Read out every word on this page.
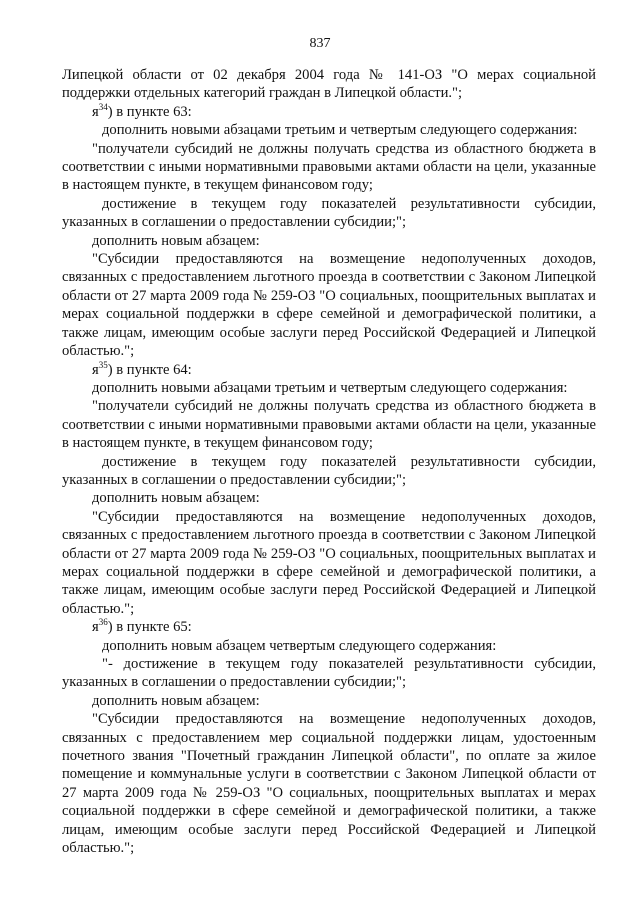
837

Липецкой области от 02 декабря 2004 года № 141-ОЗ "О мерах социальной поддержки отдельных категорий граждан в Липецкой области.";

$я^{34}$) в пункте 63:

дополнить новыми абзацами третьим и четвертым следующего содержания:

"получатели субсидий не должны получать средства из областного бюджета в соответствии с иными нормативными правовыми актами области на цели, указанные в настоящем пункте, в текущем финансовом году;

достижение в текущем году показателей результативности субсидии, указанных в соглашении о предоставлении субсидии;";

дополнить новым абзацем:

"Субсидии предоставляются на возмещение недополученных доходов, связанных с предоставлением льготного проезда в соответствии с Законом Липецкой области от 27 марта 2009 года № 259-ОЗ "О социальных, поощрительных выплатах и мерах социальной поддержки в сфере семейной и демографической политики, а также лицам, имеющим особые заслуги перед Российской Федерацией и Липецкой областью.";

$я^{35}$) в пункте 64:

дополнить новыми абзацами третьим и четвертым следующего содержания:

"получатели субсидий не должны получать средства из областного бюджета в соответствии с иными нормативными правовыми актами области на цели, указанные в настоящем пункте, в текущем финансовом году;

достижение в текущем году показателей результативности субсидии, указанных в соглашении о предоставлении субсидии;";

дополнить новым абзацем:

"Субсидии предоставляются на возмещение недополученных доходов, связанных с предоставлением льготного проезда в соответствии с Законом Липецкой области от 27 марта 2009 года № 259-ОЗ "О социальных, поощрительных выплатах и мерах социальной поддержки в сфере семейной и демографической политики, а также лицам, имеющим особые заслуги перед Российской Федерацией и Липецкой областью.";

$я^{36}$) в пункте 65:

дополнить новым абзацем четвертым следующего содержания:

"- достижение в текущем году показателей результативности субсидии, указанных в соглашении о предоставлении субсидии;";

дополнить новым абзацем:

"Субсидии предоставляются на возмещение недополученных доходов, связанных с предоставлением мер социальной поддержки лицам, удостоенным почетного звания "Почетный гражданин Липецкой области", по оплате за жилое помещение и коммунальные услуги в соответствии с Законом Липецкой области от 27 марта 2009 года № 259-ОЗ "О социальных, поощрительных выплатах и мерах социальной поддержки в сфере семейной и демографической политики, а также лицам, имеющим особые заслуги перед Российской Федерацией и Липецкой областью.";
